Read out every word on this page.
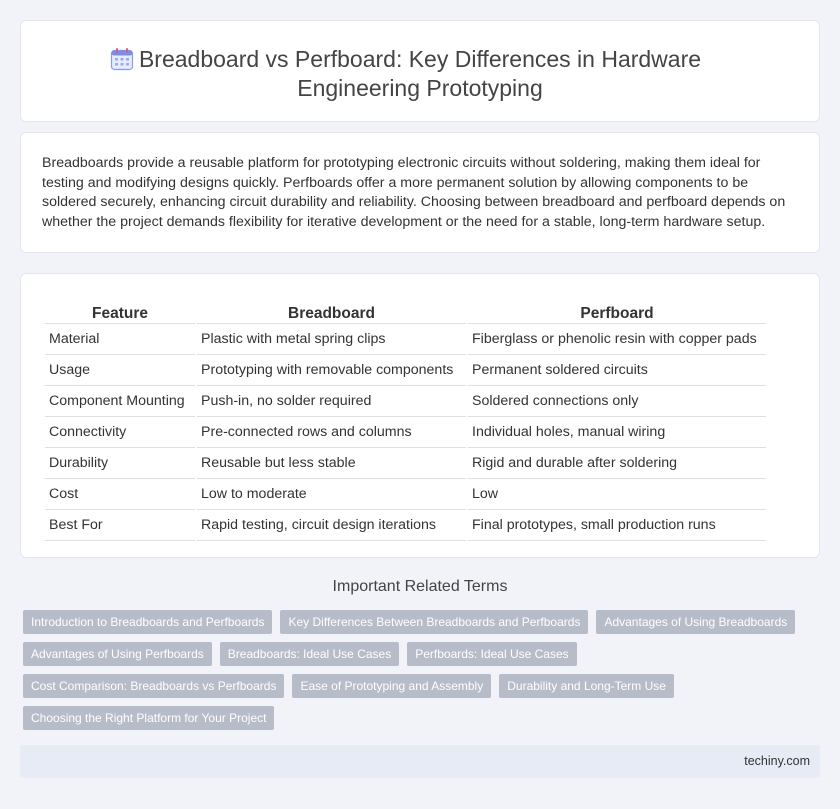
Breadboard vs Perfboard: Key Differences in Hardware
Engineering Prototyping

Breadboards provide a reusable platform for prototyping electronic circuits without soldering, making them ideal for testing and modifying designs quickly. Perfboards offer a more permanent solution by allowing components to be soldered securely, enhancing circuit durability and reliability. Choosing between breadboard and perfboard depends on whether the project demands flexibility for iterative development or the need for a stable, long-term hardware setup.

Feature	Breadboard	Perfboard
Material	Plastic with metal spring clips	Fiberglass or phenolic resin with copper pads
Usage	Prototyping with removable components	Permanent soldered circuits
Component Mounting	Push-in, no solder required	Soldered connections only
Connectivity	Pre-connected rows and columns	Individual holes, manual wiring
Durability	Reusable but less stable	Rigid and durable after soldering
Cost	Low to moderate	Low
Best For	Rapid testing, circuit design iterations	Final prototypes, small production runs
Important Related Terms
Introduction to Breadboards and Perfboards	Key Differences Between Breadboards and Perfboards	Advantages of Using Breadboards
Advantages of Using Perfboards	Breadboards: Ideal Use Cases	Perfboards: Ideal Use Cases
Cost Comparison: Breadboards vs Perfboards	Ease of Prototyping and Assembly	Durability and Long-Term Use
Choosing the Right Platform for Your Project
techiny.com
